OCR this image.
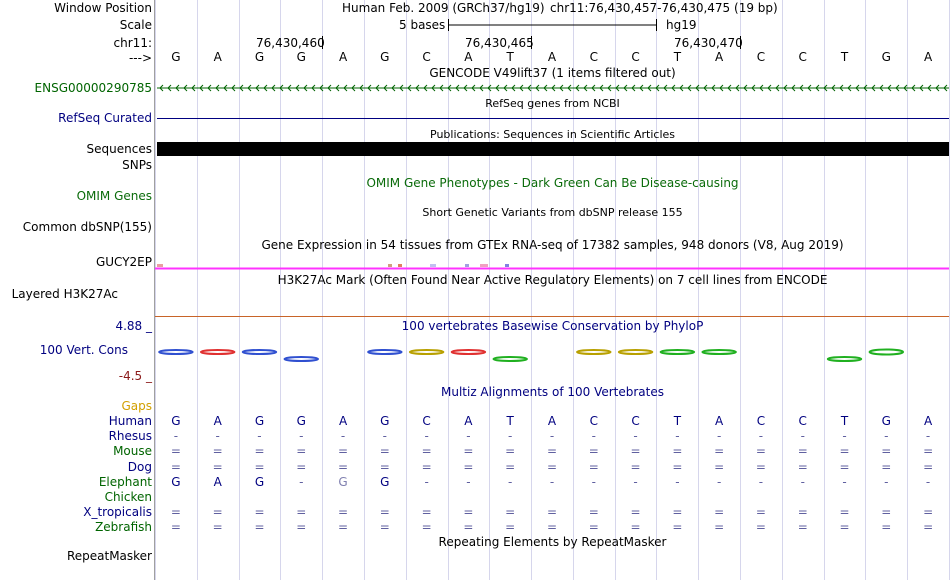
Window Position	Human Feb. 2009 (GRCh37/hg19) chr11:76,430,457-76,430,475 (19 bp)
Scale	5 bases	hg19
chr11:	76,430,460	76,430,465	76,430,470
--->	G	A	G	G	A	G	C	A	T	A	C	C	T	A	C	C	T	G	A
GENCODE V49lift37 (1 items filtered out)
ENSG00000290785
RefSeq genes from NCBI
RefSeq Curated
Publications: Sequences in Scientific Articles
Sequences
SNPs
OMIM Gene Phenotypes - Dark Green Can Be Disease-causing
OMIM Genes
Short Genetic Variants from dbSNP release 155
Common dbSNP(155)
Gene Expression in 54 tissues from GTEx RNA-seq of 17382 samples, 948 donors (V8, Aug 2019)
GUCY2EP
H3K27Ac Mark (Often Found Near Active Regulatory Elements) on 7 cell lines from ENCODE
Layered H3K27Ac
100 vertebrates Basewise Conservation by PhyloP
4.88 _
100 Vert. Cons
-4.5 _
Multiz Alignments of 100 Vertebrates
Gaps
Human	G	A	G	G	A	G	C	A	T	A	C	C	T	A	C	C	T	G	A
Rhesus	-	-	-	-	-	-	-	-	-	-	-	-	-	-	-	-	-	-	-
Mouse	=	=	=	=	=	=	=	=	=	=	=	=	=	=	=	=	=	=	=
Dog	=	=	=	=	=	=	=	=	=	=	=	=	=	=	=	=	=	=	=
Elephant	G	A	G	-	G	G	-	-	-	-	-	-	-	-	-	-	-	-	-
Chicken
X_tropicalis	=	=	=	=	=	=	=	=	=	=	=	=	=	=	=	=	=	=	=
Zebrafish	=	=	=	=	=	=	=	=	=	=	=	=	=	=	=	=	=	=	=
Repeating Elements by RepeatMasker
RepeatMasker
